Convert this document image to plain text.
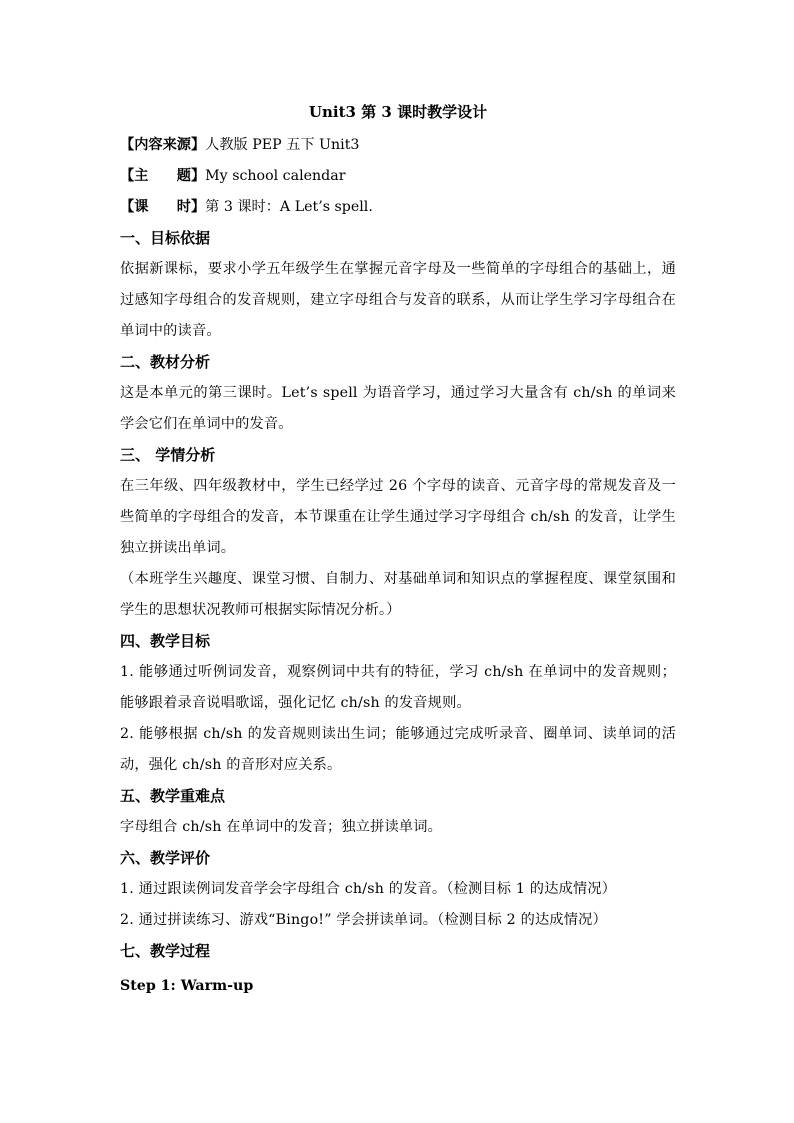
Unit3 第 3 课时教学设计
【内容来源】人教版 PEP 五下 Unit3
【主　　题】My school calendar
【课　　时】第 3 课时：A Let’s spell.
一、目标依据
依据新课标，要求小学五年级学生在掌握元音字母及一些简单的字母组合的基础上，通过感知字母组合的发音规则，建立字母组合与发音的联系，从而让学生学习字母组合在单词中的读音。
二、教材分析
这是本单元的第三课时。Let’s spell 为语音学习，通过学习大量含有 ch/sh 的单词来学会它们在单词中的发音。
三、 学情分析
在三年级、四年级教材中，学生已经学过 26 个字母的读音、元音字母的常规发音及一些简单的字母组合的发音，本节课重在让学生通过学习字母组合 ch/sh 的发音，让学生独立拼读出单词。
（本班学生兴趣度、课堂习惯、自制力、对基础单词和知识点的掌握程度、课堂氛围和学生的思想状况教师可根据实际情况分析。）
四、教学目标
1. 能够通过听例词发音，观察例词中共有的特征，学习 ch/sh 在单词中的发音规则；能够跟着录音说唱歌谣，强化记忆 ch/sh 的发音规则。
2. 能够根据 ch/sh 的发音规则读出生词；能够通过完成听录音、圈单词、读单词的活动，强化 ch/sh 的音形对应关系。
五、教学重难点
字母组合 ch/sh 在单词中的发音；独立拼读单词。
六、教学评价
1. 通过跟读例词发音学会字母组合 ch/sh 的发音。（检测目标 1 的达成情况）
2. 通过拼读练习、游戏“Bingo!” 学会拼读单词。（检测目标 2 的达成情况）
七、教学过程
Step 1: Warm-up
